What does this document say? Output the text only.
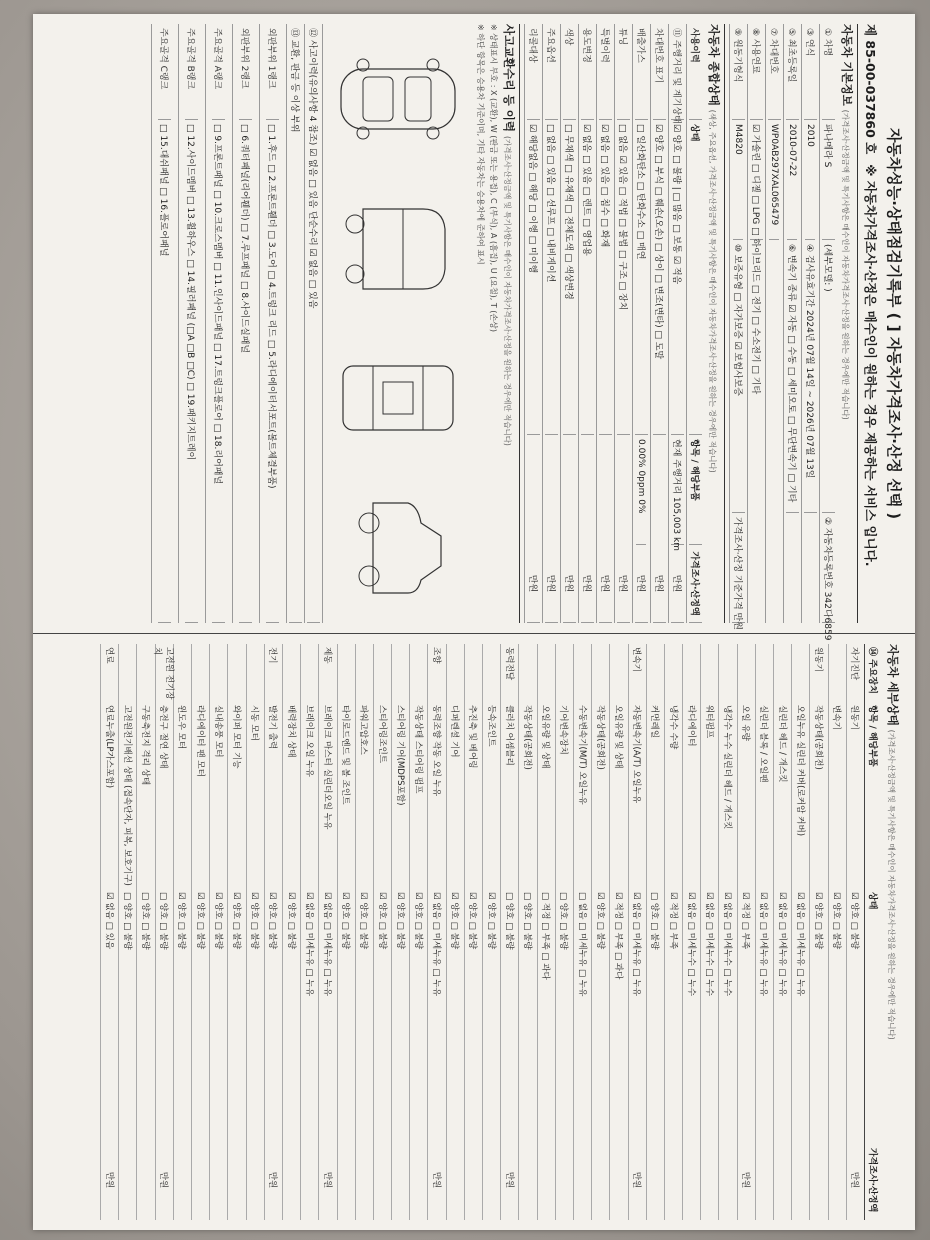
자동차성능·상태점검기록부 ( ] 자동차가격조사·산정 선택 )
제 85-00-037860 호
※ 자동차가격조사·산정은 매수인이 원하는 경우 제공하는 서비스 입니다.
자동차 기본정보(가격조사·산정금액 및 특기사항은 매수인이 자동차가격조사·산정을 원하는 경우에만 적습니다)
① 차명
파나메라 S
(세부모델: )
② 자동차등록번호 342다6859
③ 연식
2010
④ 검사유효기간 2024년 07월 14일 ~ 2026년 07월 13일
⑤ 최초등록일
2010-07-22
⑥ 변속기 종류 ☑ 자동 □ 수동 □ 세미오토 □ 무단변속기 □ 기타
⑦ 차대번호
WP0AB297XAL065479
⑧ 사용연료
☑ 가솔린 □ 디젤 □ LPG □ 하이브리드 □ 전기 □ 수소전기 □ 기타
⑨ 원동기형식
M4820
⑩ 보증유형 □ 자가보증 ☑ 보험사보증
가격조사·산정 기준가격 만원
자동차 종합상태(색상, 주요옵션, 가격조사·산정금액 및 특기사항은 매수인이 자동차가격조사·산정을 원하는 경우에만 적습니다)
사용이력
상태
항목 / 해당부품
가격조사·산정액
⑪ 주행거리 및 계기상태
☑ 양호 □ 불량 | □ 많음 □ 보통 ☑ 적음
현재 주행거리 105,003 km
만원
차대번호 표기
☑ 양호 □ 부식 □ 훼손(오손) □ 상이 □ 변조(변타) □ 도말
만원
배출가스
□ 일산화탄소 □ 탄화수소 □ 매연
0.00% 0ppm 0%
만원
튜닝
□ 없음 ☑ 있음 □ 적법 □ 불법 □ 구조 □ 장치
만원
특별이력
☑ 없음 □ 있음 □ 침수 □ 화재
만원
용도변경
☑ 없음 □ 있음 □ 렌트 □ 영업용
만원
색상
□ 무채색 □ 유채색 □ 전체도색 □ 색상변경
만원
주요옵션
□ 없음 □ 있음 □ 선루프 □ 내비게이션
만원
리콜대상
☑ 해당없음 □ 해당 □ 이행 □ 미이행
만원
사고교환수리 등 이력(가격조사·산정금액 및 특기사항은 매수인이 자동차가격조사·산정을 원하는 경우에만 적습니다)
※ 상태표시 부호 : X (교환), W (판금 또는 용접), C (부식), A (흠집), U (요철), T (손상)
※ 하단 항목은 승용차 기준이며, 기타 자동차는 승용차에 준하여 표시
⑫ 사고이력(유의사항 4 참조) ☑ 없음 □ 있음 단순수리 ☑ 없음 □ 있음
⑬ 교환, 판금 등 이상 부위
외판부위 1랭크
□ 1.후드 □ 2.프론트휀더 □ 3.도어 □ 4.트렁크 리드 □ 5.라디에이터서포트(볼트체결부품)
외판부위 2랭크
□ 6.쿼터패널(리어휀더) □ 7.루프패널 □ 8.사이드실패널
주요골격 A랭크
□ 9.프론트패널 □ 10.크로스멤버 □ 11.인사이드패널 □ 17.트렁크플로어 □ 18.리어패널
주요골격 B랭크
□ 12.사이드멤버 □ 13.휠하우스 □ 14.필러패널 (□A □B □C) □ 19.패키지트레이
주요골격 C랭크
□ 15.대쉬패널 □ 16.플로어패널
자동차 세부상태(가격조사·산정금액 및 특기사항은 매수인이 자동차가격조사·산정을 원하는 경우에만 적습니다)
⑭ 주요장치
항목 / 해당부품
상태
가격조사·산정액
자기진단
원동기
☑ 양호 □ 불량
만원
변속기
☑ 양호 □ 불량
원동기
작동상태(공회전)
☑ 양호 □ 불량
오일누유 실린더 커버(로커암 커버)
☑ 없음 □ 미세누유 □ 누유
실린더 헤드 / 개스킷
☑ 없음 □ 미세누유 □ 누유
실린더 블록 / 오일팬
☑ 없음 □ 미세누유 □ 누유
오일 유량
☑ 적정 □ 부족
만원
냉각수 누수 실린더 헤드 / 개스킷
☑ 없음 □ 미세누수 □ 누수
워터펌프
☑ 없음 □ 미세누수 □ 누수
라디에이터
☑ 없음 □ 미세누수 □ 누수
냉각수 수량
☑ 적정 □ 부족
커먼레일
□ 양호 □ 불량
변속기
자동변속기(A/T) 오일누유
☑ 없음 □ 미세누유 □ 누유
만원
오일유량 및 상태
☑ 적정 □ 부족 □ 과다
작동상태(공회전)
☑ 양호 □ 불량
수동변속기(M/T) 오일누유
□ 없음 □ 미세누유 □ 누유
기어변속장치
□ 양호 □ 불량
오일유량 및 상태
□ 적정 □ 부족 □ 과다
작동상태(공회전)
□ 양호 □ 불량
동력전달
클러치 어셈블리
□ 양호 □ 불량
만원
등속조인트
☑ 양호 □ 불량
추진축 및 베어링
☑ 양호 □ 불량
디퍼렌셜 기어
☑ 양호 □ 불량
조향
동력조향 작동 오일 누유
☑ 없음 □ 미세누유 □ 누유
만원
작동상태 스티어링 펌프
☑ 양호 □ 불량
스티어링 기어(MDPS포함)
☑ 양호 □ 불량
스티어링조인트
☑ 양호 □ 불량
파워고압호스
☑ 양호 □ 불량
타이로드엔드 및 볼 조인트
☑ 양호 □ 불량
제동
브레이크 마스터 실린더오일 누유
☑ 없음 □ 미세누유 □ 누유
만원
브레이크 오일 누유
☑ 없음 □ 미세누유 □ 누유
배력장치 상태
☑ 양호 □ 불량
전기
발전기 출력
☑ 양호 □ 불량
만원
시동 모터
☑ 양호 □ 불량
와이퍼 모터 기능
☑ 양호 □ 불량
실내송풍 모터
☑ 양호 □ 불량
라디에이터 팬 모터
☑ 양호 □ 불량
윈도우 모터
☑ 양호 □ 불량
고전원 전기장치
충전구 절연 상태
□ 양호 □ 불량
만원
구동축전지 격리 상태
□ 양호 □ 불량
고전원전기배선 상태 (접속단자, 피복, 보호기구)
□ 양호 □ 불량
연료
연료누출(LP가스포함)
☑ 없음 □ 있음
만원
